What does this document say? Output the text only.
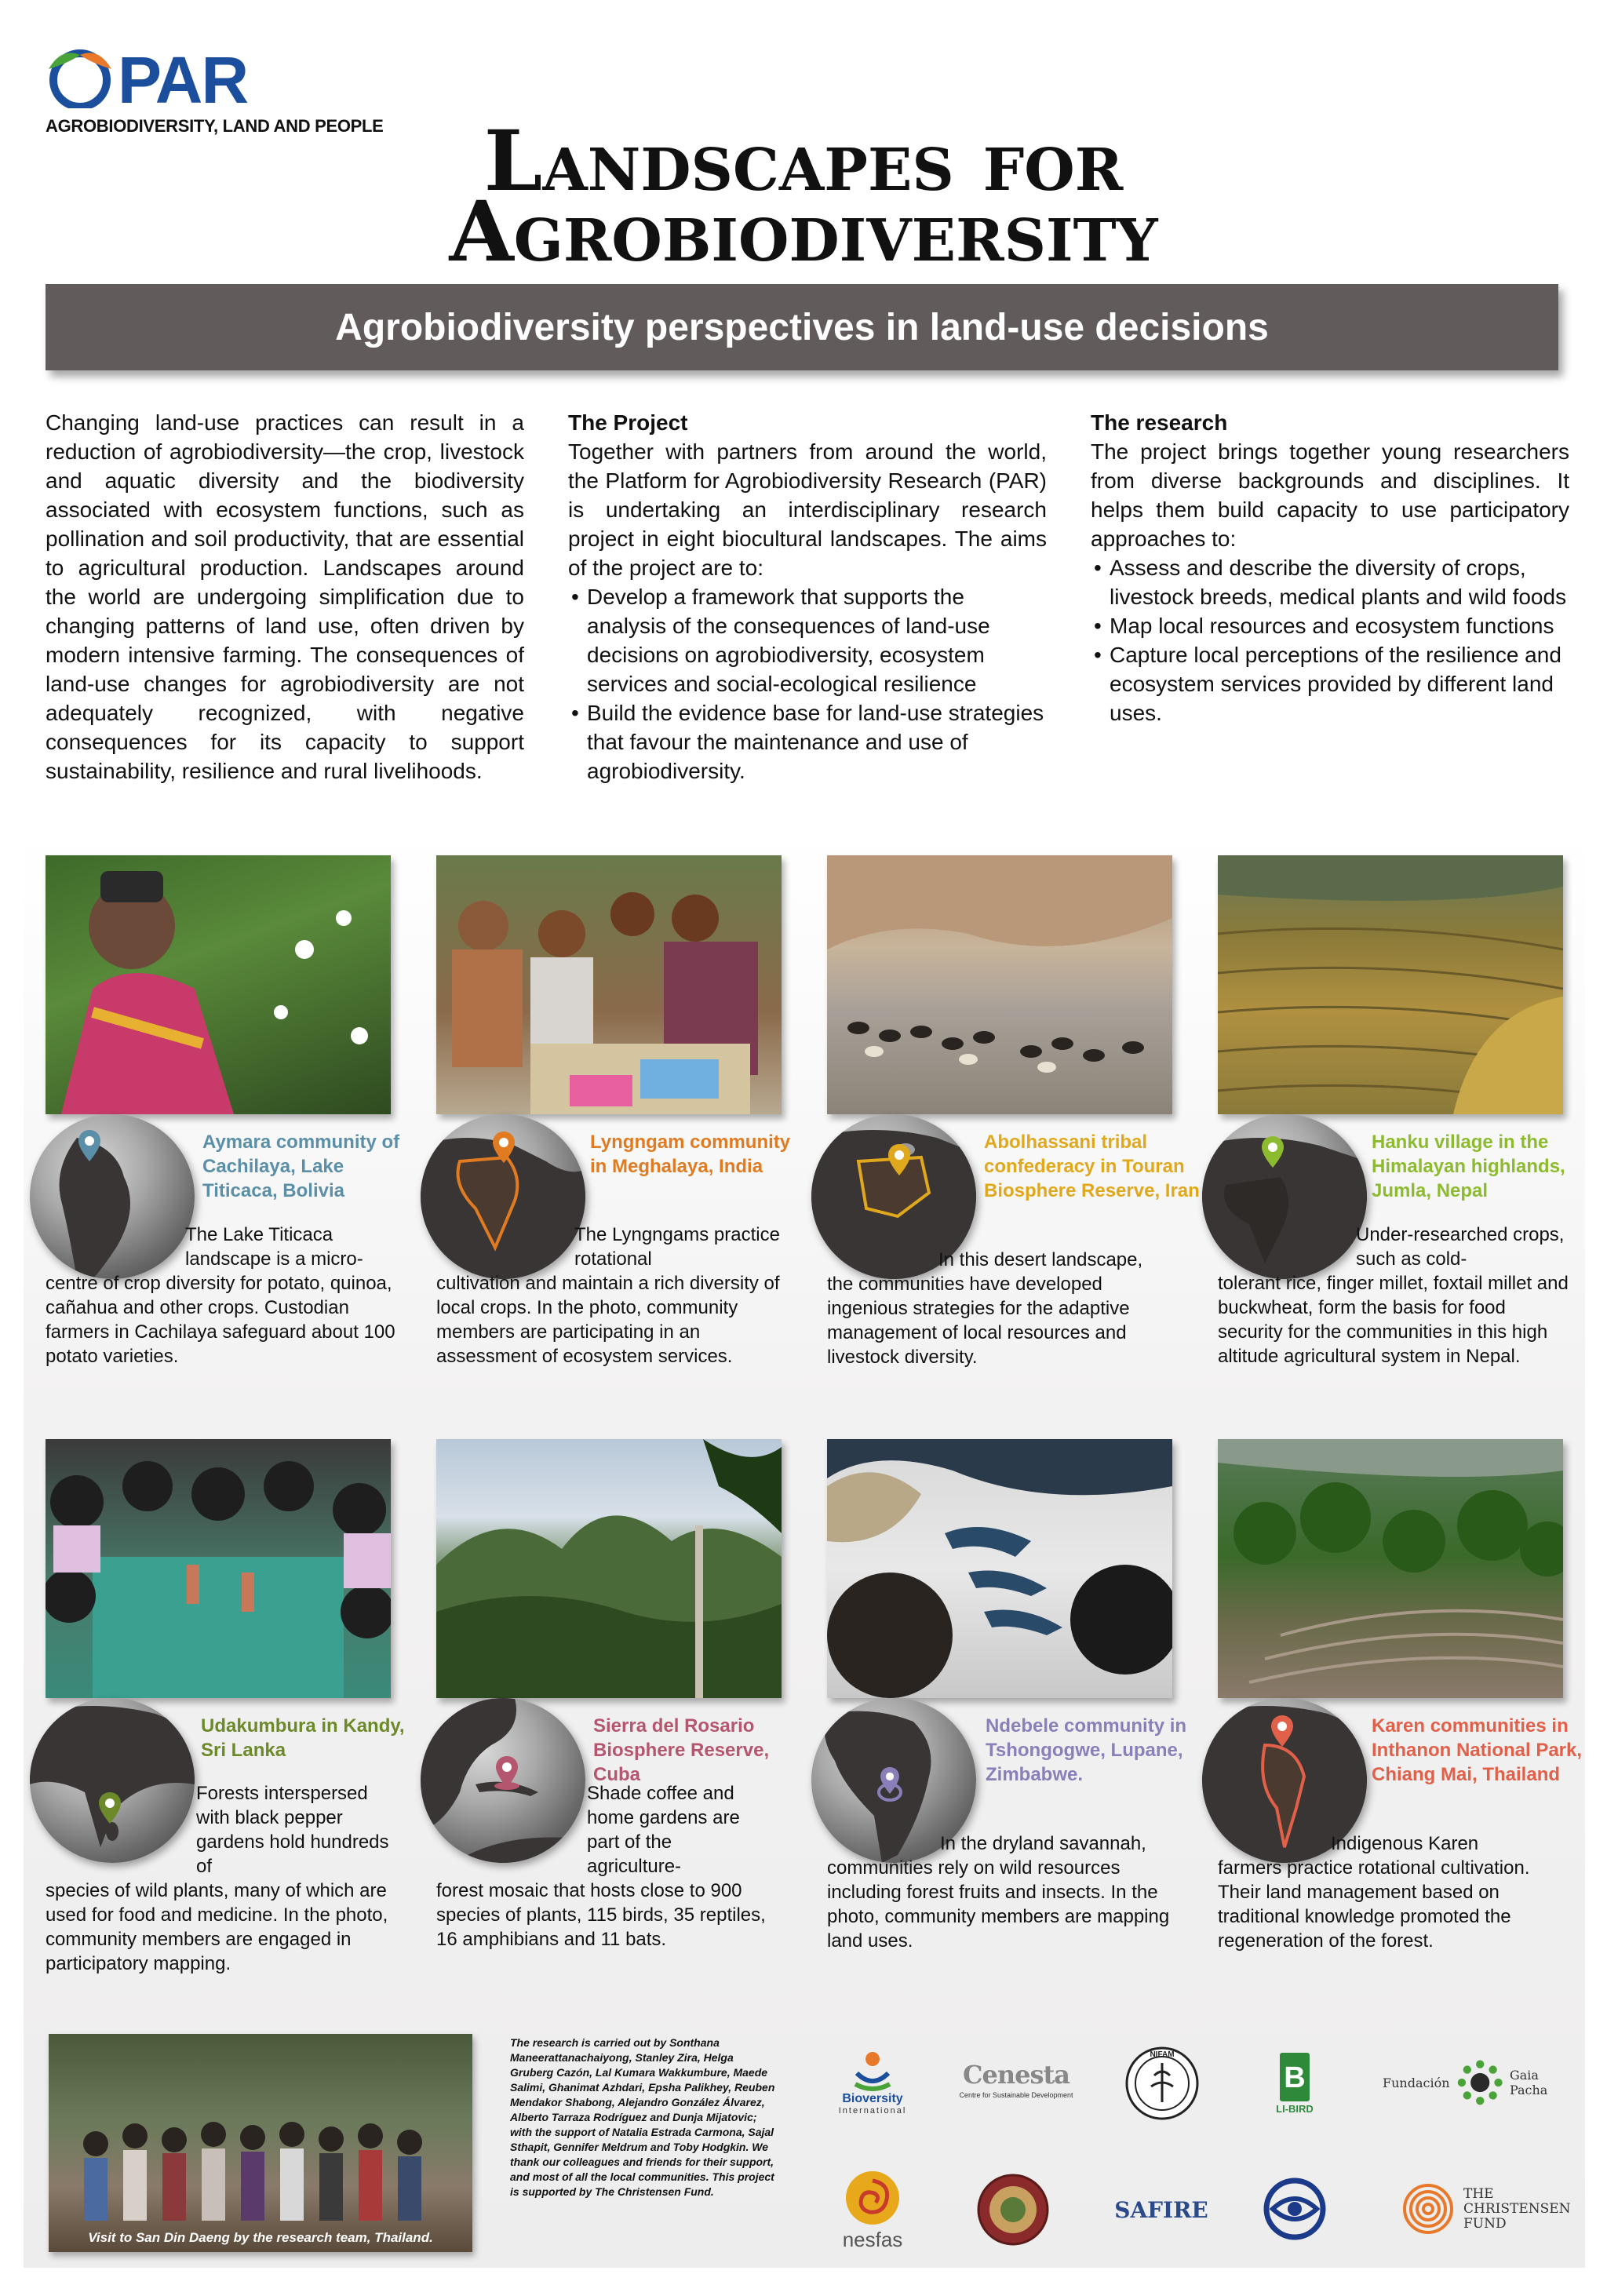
PAR
AGROBIODIVERSITY, LAND AND PEOPLE	Landscapes for
Agrobiodiversity
Agrobiodiversity perspectives in land-use decisions

Changing land-use practices can result in a reduction of agrobiodiversity—the crop, livestock and aquatic diversity and the biodiversity associated with ecosystem functions, such as pollination and soil productivity, that are essential to agricultural production. Landscapes around the world are undergoing simplification due to changing patterns of land use, often driven by modern intensive farming. The consequences of land-use changes for agrobiodiversity are not adequately recognized, with negative consequences for its capacity to support sustainability, resilience and rural livelihoods.

The Project

Together with partners from around the world, the Platform for Agrobiodiversity Research (PAR) is undertaking an interdisciplinary research project in eight biocultural landscapes. The aims of the project are to:

• Develop a framework that supports the analysis of the consequences of land-use decisions on agrobiodiversity, ecosystem services and social-ecological resilience
• Build the evidence base for land-use strategies that favour the maintenance and use of agrobiodiversity.
The research

The project brings together young researchers from diverse backgrounds and disciplines. It helps them build capacity to use participatory approaches to:

• Assess and describe the diversity of crops, livestock breeds, medical plants and wild foods
• Map local resources and ecosystem functions
• Capture local perceptions of the resilience and ecosystem services provided by different land uses.
Aymara community of Cachilaya, Lake Titicaca, Bolivia
The Lake Titicaca landscape is a micro-
centre of crop diversity for potato, quinoa, cañahua and other crops. Custodian farmers in Cachilaya safeguard about 100 potato varieties.
Lyngngam community in Meghalaya, India
The Lyngngams practice rotational
cultivation and maintain a rich diversity of local crops. In the photo, community members are participating in an assessment of ecosystem services.
Abolhassani tribal confederacy in Touran Biosphere Reserve, Iran
In this desert landscape,
the communities have developed ingenious strategies for the adaptive management of local resources and livestock diversity.
Hanku village in the Himalayan highlands, Jumla, Nepal
Under-researched crops, such as cold-
tolerant rice, finger millet, foxtail millet and buckwheat, form the basis for food security for the communities in this high altitude agricultural system in Nepal.
Udakumbura in Kandy, Sri Lanka
Forests interspersed with black pepper gardens hold hundreds of
species of wild plants, many of which are used for food and medicine. In the photo, community members are engaged in participatory mapping.
Sierra del Rosario Biosphere Reserve, Cuba
Shade coffee and home gardens are part of the agriculture-
forest mosaic that hosts close to 900 species of plants, 115 birds, 35 reptiles, 16 amphibians and 11 bats.
Ndebele community in Tshongogwe, Lupane, Zimbabwe.
In the dryland savannah,
communities rely on wild resources including forest fruits and insects. In the photo, community members are mapping land uses.
Karen communities in Inthanon National Park, Chiang Mai, Thailand
Indigenous Karen
farmers practice rotational cultivation. Their land management based on traditional knowledge promoted the regeneration of the forest.
Visit to San Din Daeng by the research team, Thailand.
The research is carried out by Sonthana Maneerattanachaiyong, Stanley Zira, Helga Gruberg Cazón, Lal Kumara Wakkumbure, Maede Salimi, Ghanimat Azhdari, Epsha Palikhey, Reuben Mendakor Shabong, Alejandro González Álvarez, Alberto Tarraza Rodríguez and Dunja Mijatovic; with the support of Natalia Estrada Carmona, Sajal Sthapit, Gennifer Meldrum and Toby Hodgkin. We thank our colleagues and friends for their support, and most of all the local communities. This project is supported by The Christensen Fund.
Bioversity
International
Cenesta
Centre for Sustainable Development
NIFAM
B
LI-BIRD
Fundación	Gaia Pacha
nesfas
SAFIRE
THE CHRISTENSEN FUND
